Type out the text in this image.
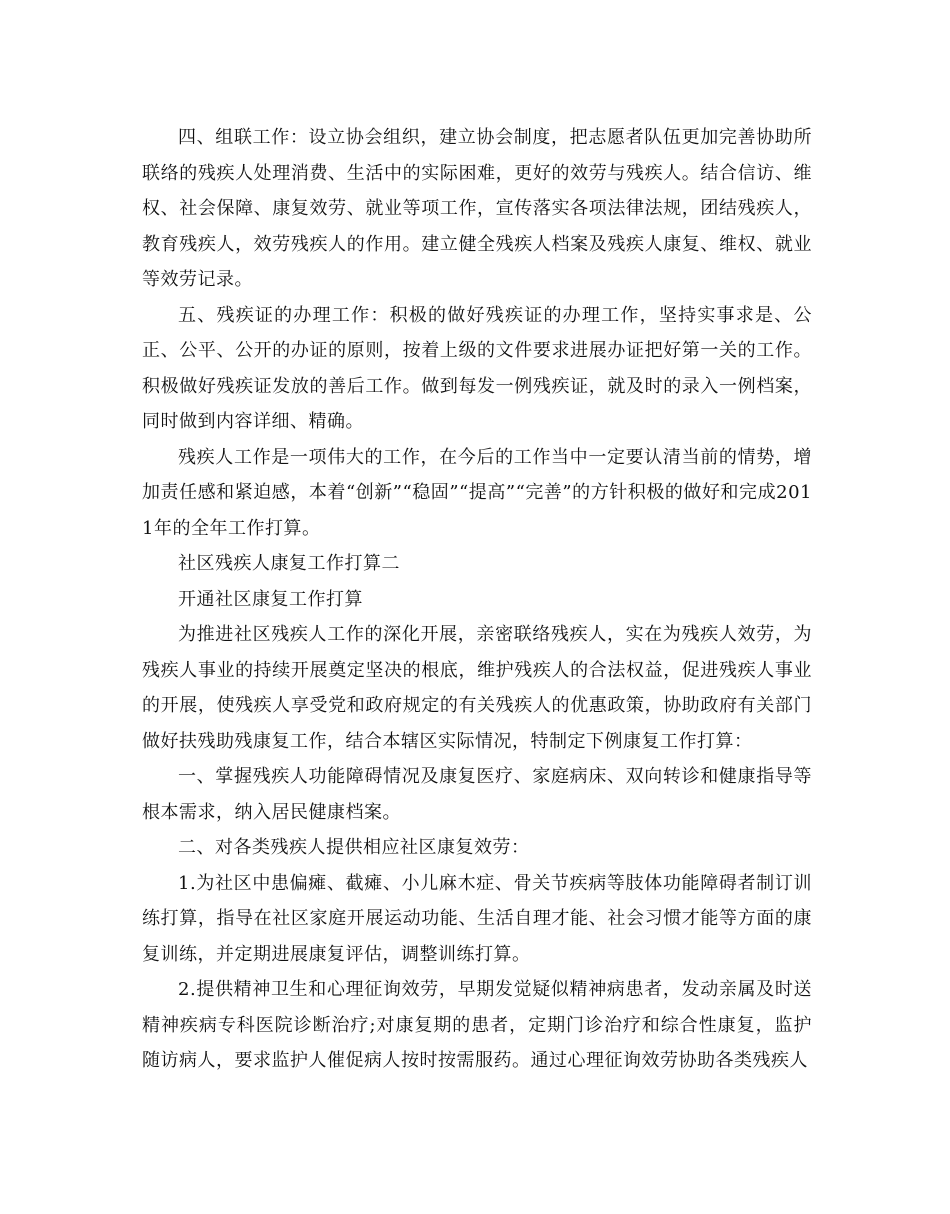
四、组联工作：设立协会组织，建立协会制度，把志愿者队伍更加完善协助所联络的残疾人处理消费、生活中的实际困难，更好的效劳与残疾人。结合信访、维权、社会保障、康复效劳、就业等项工作，宣传落实各项法律法规，团结残疾人，教育残疾人，效劳残疾人的作用。建立健全残疾人档案及残疾人康复、维权、就业等效劳记录。

五、残疾证的办理工作：积极的做好残疾证的办理工作，坚持实事求是、公正、公平、公开的办证的原则，按着上级的文件要求进展办证把好第一关的工作。积极做好残疾证发放的善后工作。做到每发一例残疾证，就及时的录入一例档案，同时做到内容详细、精确。

残疾人工作是一项伟大的工作，在今后的工作当中一定要认清当前的情势，增加责任感和紧迫感，本着“创新”“稳固”“提高”“完善”的方针积极的做好和完成2011年的全年工作打算。

社区残疾人康复工作打算二

开通社区康复工作打算

为推进社区残疾人工作的深化开展，亲密联络残疾人，实在为残疾人效劳，为残疾人事业的持续开展奠定坚决的根底，维护残疾人的合法权益，促进残疾人事业的开展，使残疾人享受党和政府规定的有关残疾人的优惠政策，协助政府有关部门做好扶残助残康复工作，结合本辖区实际情况，特制定下例康复工作打算：

一、掌握残疾人功能障碍情况及康复医疗、家庭病床、双向转诊和健康指导等根本需求，纳入居民健康档案。

二、对各类残疾人提供相应社区康复效劳：

1.为社区中患偏瘫、截瘫、小儿麻木症、骨关节疾病等肢体功能障碍者制订训练打算，指导在社区家庭开展运动功能、生活自理才能、社会习惯才能等方面的康复训练，并定期进展康复评估，调整训练打算。

2.提供精神卫生和心理征询效劳，早期发觉疑似精神病患者，发动亲属及时送精神疾病专科医院诊断治疗;对康复期的患者，定期门诊治疗和综合性康复，监护随访病人，要求监护人催促病人按时按需服药。通过心理征询效劳协助各类残疾人
